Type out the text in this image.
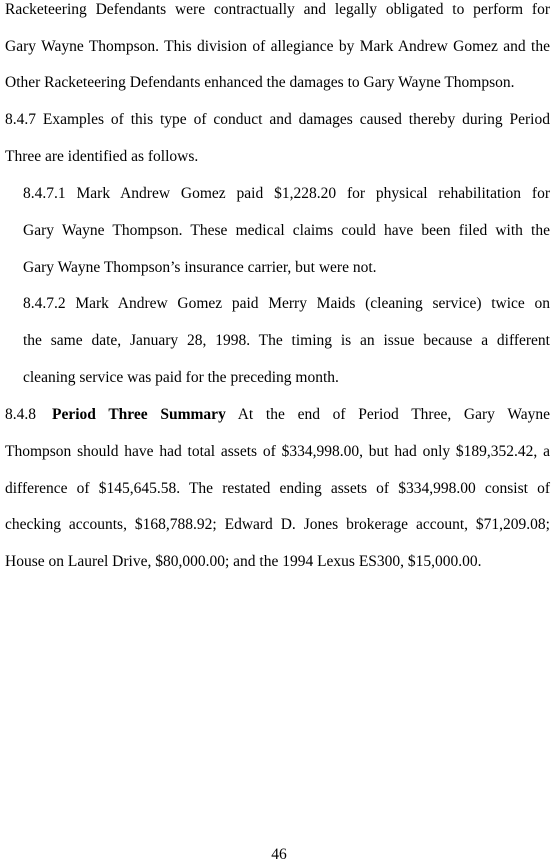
Racketeering Defendants were contractually and legally obligated to perform for
Gary Wayne Thompson. This division of allegiance by Mark Andrew Gomez and the
Other Racketeering Defendants enhanced the damages to Gary Wayne Thompson.
8.4.7 Examples of this type of conduct and damages caused thereby during Period
Three are identified as follows.
8.4.7.1 Mark Andrew Gomez paid $1,228.20 for physical rehabilitation for
Gary Wayne Thompson. These medical claims could have been filed with the
Gary Wayne Thompson’s insurance carrier, but were not.
8.4.7.2 Mark Andrew Gomez paid Merry Maids (cleaning service) twice on
the same date, January 28, 1998. The timing is an issue because a different
cleaning service was paid for the preceding month.
8.4.8 Period Three Summary At the end of Period Three, Gary Wayne
Thompson should have had total assets of $334,998.00, but had only $189,352.42, a
difference of $145,645.58. The restated ending assets of $334,998.00 consist of
checking accounts, $168,788.92; Edward D. Jones brokerage account, $71,209.08;
House on Laurel Drive, $80,000.00; and the 1994 Lexus ES300, $15,000.00.
46
